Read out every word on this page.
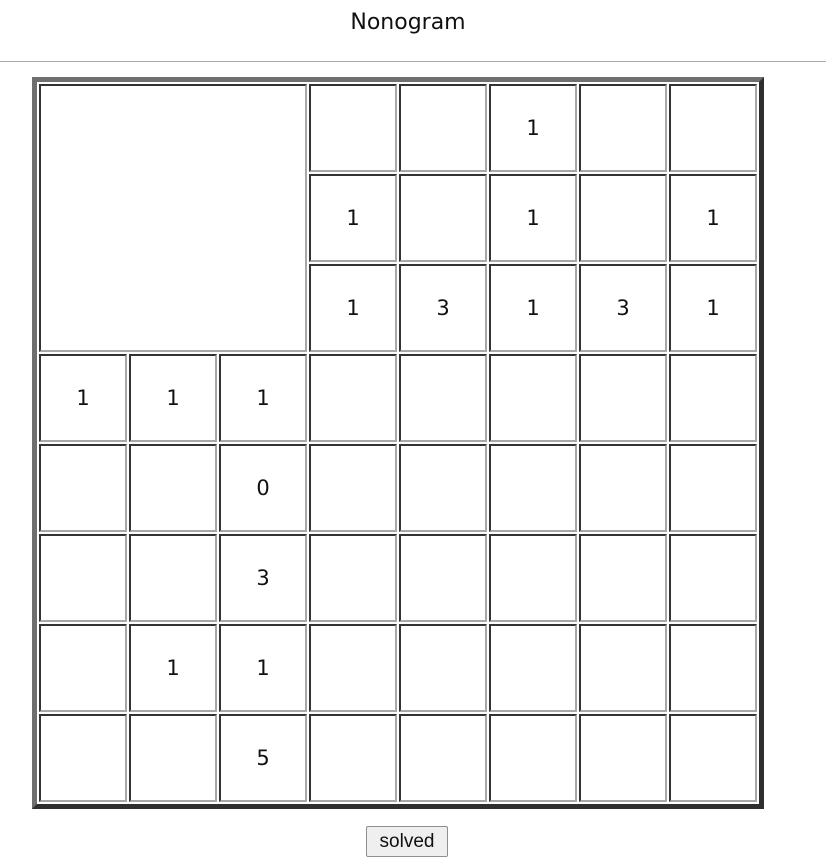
Nonogram
					1		
			1		1		1
			1	3	1	3	1
1	1	1					
		0					
		3					
	1	1					
		5					
solved
